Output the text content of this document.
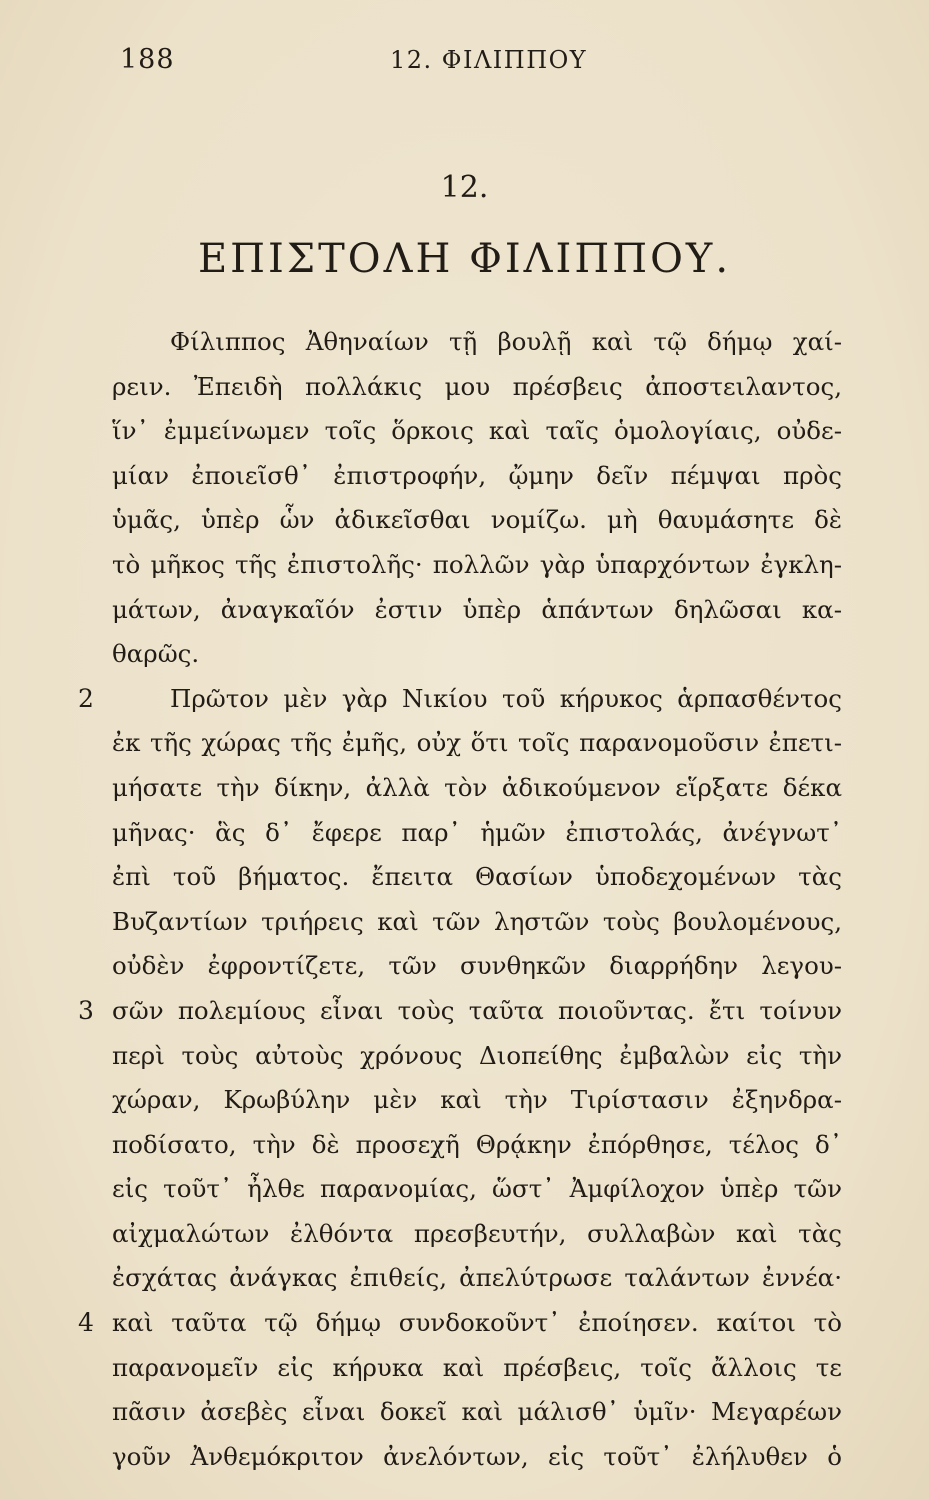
188	12. ΦΙΛΙΠΠΟΥ
12.
ΕΠΙΣΤΟΛΗ ΦΙΛΙΠΠΟΥ.
Φίλιππος Ἀθηναίων τῇ βουλῇ καὶ τῷ δήμῳ χαί-
ρειν. Ἐπειδὴ πολλάκις μου πρέσβεις ἀποστειλαντος,
ἵν᾿ ἐμμείνωμεν τοῖς ὅρκοις καὶ ταῖς ὁμολογίαις, οὐδε-
μίαν ἐποιεῖσθ᾿ ἐπιστροφήν, ᾤμην δεῖν πέμψαι πρὸς
ὑμᾶς, ὑπὲρ ὧν ἀδικεῖσθαι νομίζω. μὴ θαυμάσητε δὲ
τὸ μῆκος τῆς ἐπιστολῆς· πολλῶν γὰρ ὑπαρχόντων ἐγκλη-
μάτων, ἀναγκαῖόν ἐστιν ὑπὲρ ἁπάντων δηλῶσαι κα-
θαρῶς.
2	Πρῶτον μὲν γὰρ Νικίου τοῦ κήρυκος ἁρπασθέντος
ἐκ τῆς χώρας τῆς ἐμῆς, οὐχ ὅτι τοῖς παρανομοῦσιν ἐπετι-
μήσατε τὴν δίκην, ἀλλὰ τὸν ἀδικούμενον εἵρξατε δέκα
μῆνας· ἃς δ᾿ ἔφερε παρ᾿ ἡμῶν ἐπιστολάς, ἀνέγνωτ᾿
ἐπὶ τοῦ βήματος. ἔπειτα Θασίων ὑποδεχομένων τὰς
Βυζαντίων τριήρεις καὶ τῶν ληστῶν τοὺς βουλομένους,
οὐδὲν ἐφροντίζετε, τῶν συνθηκῶν διαρρήδην λεγου-
3 σῶν πολεμίους εἶναι τοὺς ταῦτα ποιοῦντας. ἔτι τοίνυν
περὶ τοὺς αὐτοὺς χρόνους Διοπείθης ἐμβαλὼν εἰς τὴν
χώραν, Κρωβύλην μὲν καὶ τὴν Τιρίστασιν ἐξηνδρα-
ποδίσατο, τὴν δὲ προσεχῆ Θρᾴκην ἐπόρθησε, τέλος δ᾿
εἰς τοῦτ᾿ ἦλθε παρανομίας, ὥστ᾿ Ἀμφίλοχον ὑπὲρ τῶν
αἰχμαλώτων ἐλθόντα πρεσβευτήν, συλλαβὼν καὶ τὰς
ἐσχάτας ἀνάγκας ἐπιθείς, ἀπελύτρωσε ταλάντων ἐννέα·
4 καὶ ταῦτα τῷ δήμῳ συνδοκοῦντ᾿ ἐποίησεν. καίτοι τὸ
παρανομεῖν εἰς κήρυκα καὶ πρέσβεις, τοῖς ἄλλοις τε
πᾶσιν ἀσεβὲς εἶναι δοκεῖ καὶ μάλισθ᾿ ὑμῖν· Μεγαρέων
γοῦν Ἀνθεμόκριτον ἀνελόντων, εἰς τοῦτ᾿ ἐλήλυθεν ὁ
